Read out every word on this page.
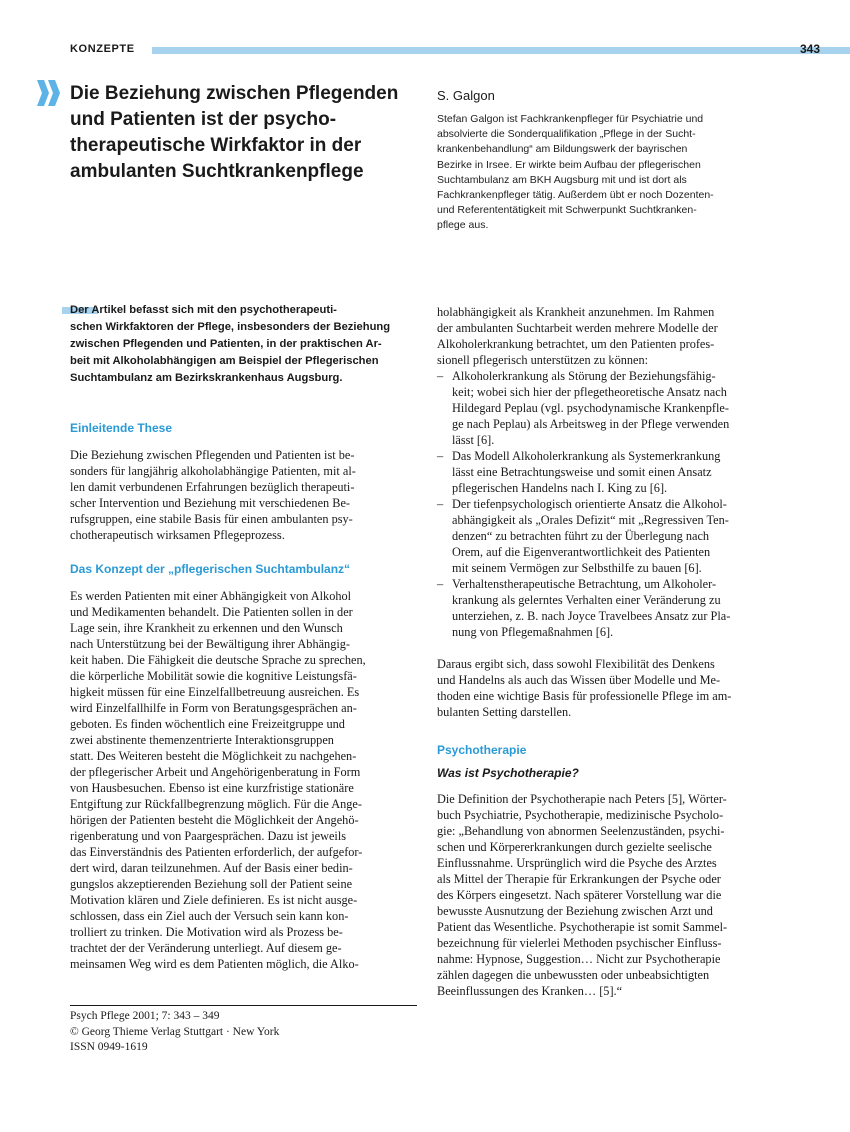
KONZEPTE	343
Die Beziehung zwischen Pflegenden und Patienten ist der psychotherapeutische Wirkfaktor in der ambulanten Suchtkrankenpflege

S. Galgon

Stefan Galgon ist Fachkrankenpfleger für Psychiatrie und
absolvierte die Sonderqualifikation „Pflege in der Sucht-
krankenbehandlung“ am Bildungswerk der bayrischen
Bezirke in Irsee. Er wirkte beim Aufbau der pflegerischen
Suchtambulanz am BKH Augsburg mit und ist dort als
Fachkrankenpfleger tätig. Außerdem übt er noch Dozenten-
und Referententätigkeit mit Schwerpunkt Suchtkranken-
pflege aus.

Der Artikel befasst sich mit den psychotherapeuti-
schen Wirkfaktoren der Pflege, insbesonders der Beziehung
zwischen Pflegenden und Patienten, in der praktischen Ar-
beit mit Alkoholabhängigen am Beispiel der Pflegerischen
Suchtambulanz am Bezirkskrankenhaus Augsburg.

Einleitende These

Die Beziehung zwischen Pflegenden und Patienten ist be-
sonders für langjährig alkoholabhängige Patienten, mit al-
len damit verbundenen Erfahrungen bezüglich therapeuti-
scher Intervention und Beziehung mit verschiedenen Be-
rufsgruppen, eine stabile Basis für einen ambulanten psy-
chotherapeutisch wirksamen Pflegeprozess.

Das Konzept der „pflegerischen Suchtambulanz“

Es werden Patienten mit einer Abhängigkeit von Alkohol
und Medikamenten behandelt. Die Patienten sollen in der
Lage sein, ihre Krankheit zu erkennen und den Wunsch
nach Unterstützung bei der Bewältigung ihrer Abhängig-
keit haben. Die Fähigkeit die deutsche Sprache zu sprechen,
die körperliche Mobilität sowie die kognitive Leistungsfä-
higkeit müssen für eine Einzelfallbetreuung ausreichen. Es
wird Einzelfallhilfe in Form von Beratungsgesprächen an-
geboten. Es finden wöchentlich eine Freizeitgruppe und
zwei abstinente themenzentrierte Interaktionsgruppen
statt. Des Weiteren besteht die Möglichkeit zu nachgehen-
der pflegerischer Arbeit und Angehörigenberatung in Form
von Hausbesuchen. Ebenso ist eine kurzfristige stationäre
Entgiftung zur Rückfallbegrenzung möglich. Für die Ange-
hörigen der Patienten besteht die Möglichkeit der Angehö-
rigenberatung und von Paargesprächen. Dazu ist jeweils
das Einverständnis des Patienten erforderlich, der aufgefor-
dert wird, daran teilzunehmen. Auf der Basis einer bedin-
gungslos akzeptierenden Beziehung soll der Patient seine
Motivation klären und Ziele definieren. Es ist nicht ausge-
schlossen, dass ein Ziel auch der Versuch sein kann kon-
trolliert zu trinken. Die Motivation wird als Prozess be-
trachtet der der Veränderung unterliegt. Auf diesem ge-
meinsamen Weg wird es dem Patienten möglich, die Alko-

holabhängigkeit als Krankheit anzunehmen. Im Rahmen
der ambulanten Suchtarbeit werden mehrere Modelle der
Alkoholerkrankung betrachtet, um den Patienten profes-
sionell pflegerisch unterstützen zu können:

– Alkoholerkrankung als Störung der Beziehungsfähig-
keit; wobei sich hier der pflegetheoretische Ansatz nach
Hildegard Peplau (vgl. psychodynamische Krankenpfle-
ge nach Peplau) als Arbeitsweg in der Pflege verwenden
lässt [6].
– Das Modell Alkoholerkrankung als Systemerkrankung
lässt eine Betrachtungsweise und somit einen Ansatz
pflegerischen Handelns nach I. King zu [6].
– Der tiefenpsychologisch orientierte Ansatz die Alkohol-
abhängigkeit als „Orales Defizit“ mit „Regressiven Ten-
denzen“ zu betrachten führt zu der Überlegung nach
Orem, auf die Eigenverantwortlichkeit des Patienten
mit seinem Vermögen zur Selbsthilfe zu bauen [6].
– Verhaltenstherapeutische Betrachtung, um Alkoholer-
krankung als gelerntes Verhalten einer Veränderung zu
unterziehen, z. B. nach Joyce Travelbees Ansatz zur Pla-
nung von Pflegemaßnahmen [6].

Daraus ergibt sich, dass sowohl Flexibilität des Denkens
und Handelns als auch das Wissen über Modelle und Me-
thoden eine wichtige Basis für professionelle Pflege im am-
bulanten Setting darstellen.

Psychotherapie

Was ist Psychotherapie?

Die Definition der Psychotherapie nach Peters [5], Wörter-
buch Psychiatrie, Psychotherapie, medizinische Psycholo-
gie: „Behandlung von abnormen Seelenzuständen, psychi-
schen und Körpererkrankungen durch gezielte seelische
Einflussnahme. Ursprünglich wird die Psyche des Arztes
als Mittel der Therapie für Erkrankungen der Psyche oder
des Körpers eingesetzt. Nach späterer Vorstellung war die
bewusste Ausnutzung der Beziehung zwischen Arzt und
Patient das Wesentliche. Psychotherapie ist somit Sammel-
bezeichnung für vielerlei Methoden psychischer Einfluss-
nahme: Hypnose, Suggestion… Nicht zur Psychotherapie
zählen dagegen die unbewussten oder unbeabsichtigten
Beeinflussungen des Kranken… [5].“

Psych Pflege 2001; 7: 343 – 349
© Georg Thieme Verlag Stuttgart · New York
ISSN 0949-1619
